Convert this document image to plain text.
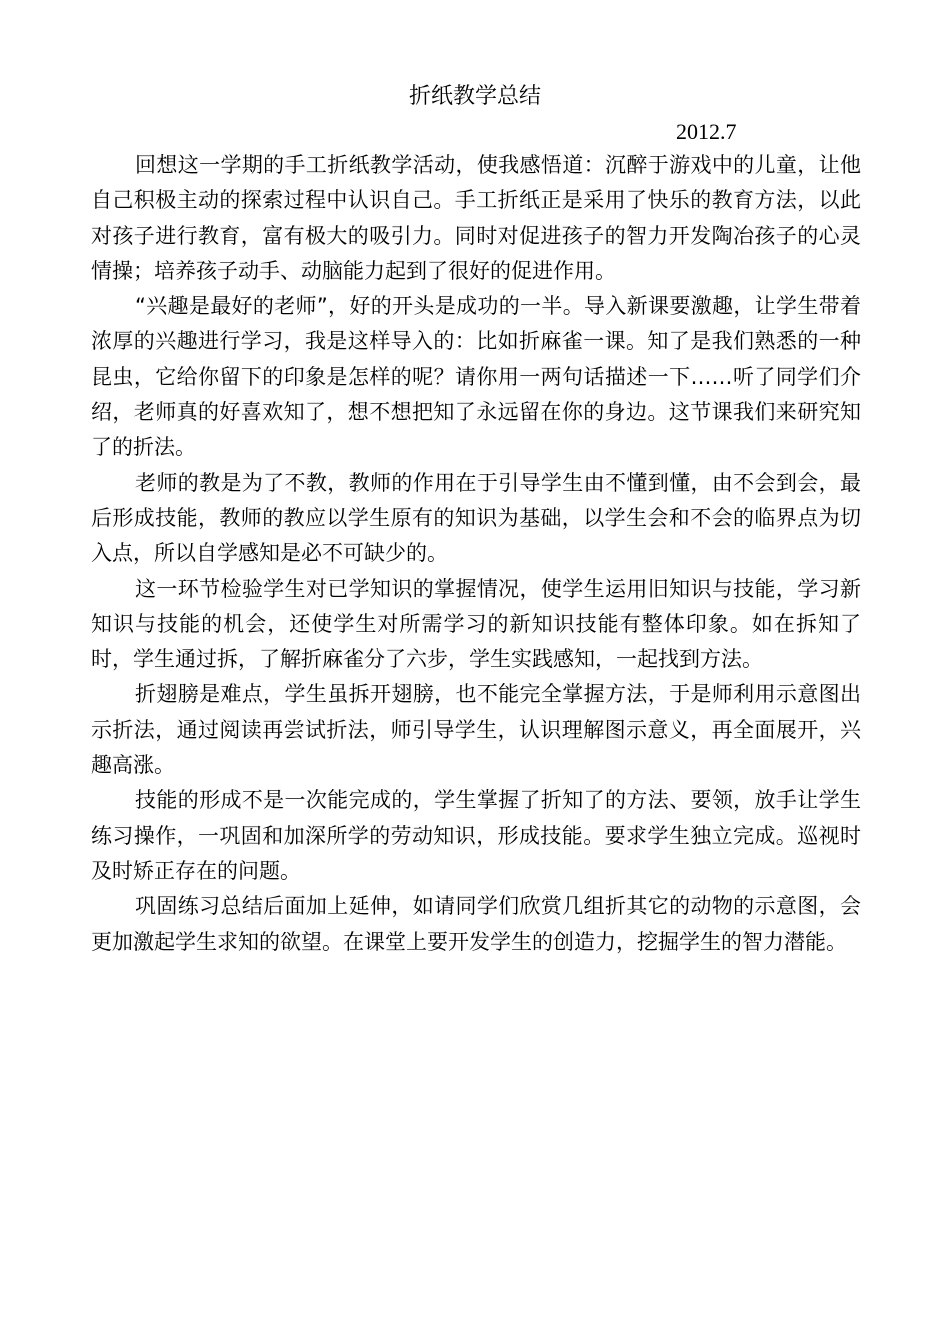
折纸教学总结
2012.7

回想这一学期的手工折纸教学活动，使我感悟道：沉醉于游戏中的儿童，让他自己积极主动的探索过程中认识自己。手工折纸正是采用了快乐的教育方法，以此对孩子进行教育，富有极大的吸引力。同时对促进孩子的智力开发陶冶孩子的心灵情操；培养孩子动手、动脑能力起到了很好的促进作用。

“兴趣是最好的老师”，好的开头是成功的一半。导入新课要激趣，让学生带着浓厚的兴趣进行学习，我是这样导入的：比如折麻雀一课。知了是我们熟悉的一种昆虫，它给你留下的印象是怎样的呢？请你用一两句话描述一下……听了同学们介绍，老师真的好喜欢知了，想不想把知了永远留在你的身边。这节课我们来研究知了的折法。

老师的教是为了不教，教师的作用在于引导学生由不懂到懂，由不会到会，最后形成技能，教师的教应以学生原有的知识为基础，以学生会和不会的临界点为切入点，所以自学感知是必不可缺少的。

这一环节检验学生对已学知识的掌握情况，使学生运用旧知识与技能，学习新知识与技能的机会，还使学生对所需学习的新知识技能有整体印象。如在拆知了时，学生通过拆，了解折麻雀分了六步，学生实践感知，一起找到方法。

折翅膀是难点，学生虽拆开翅膀，也不能完全掌握方法，于是师利用示意图出示折法，通过阅读再尝试折法，师引导学生，认识理解图示意义，再全面展开，兴趣高涨。

技能的形成不是一次能完成的，学生掌握了折知了的方法、要领，放手让学生练习操作，一巩固和加深所学的劳动知识，形成技能。要求学生独立完成。巡视时及时矫正存在的问题。

巩固练习总结后面加上延伸，如请同学们欣赏几组折其它的动物的示意图，会更加激起学生求知的欲望。在课堂上要开发学生的创造力，挖掘学生的智力潜能。
